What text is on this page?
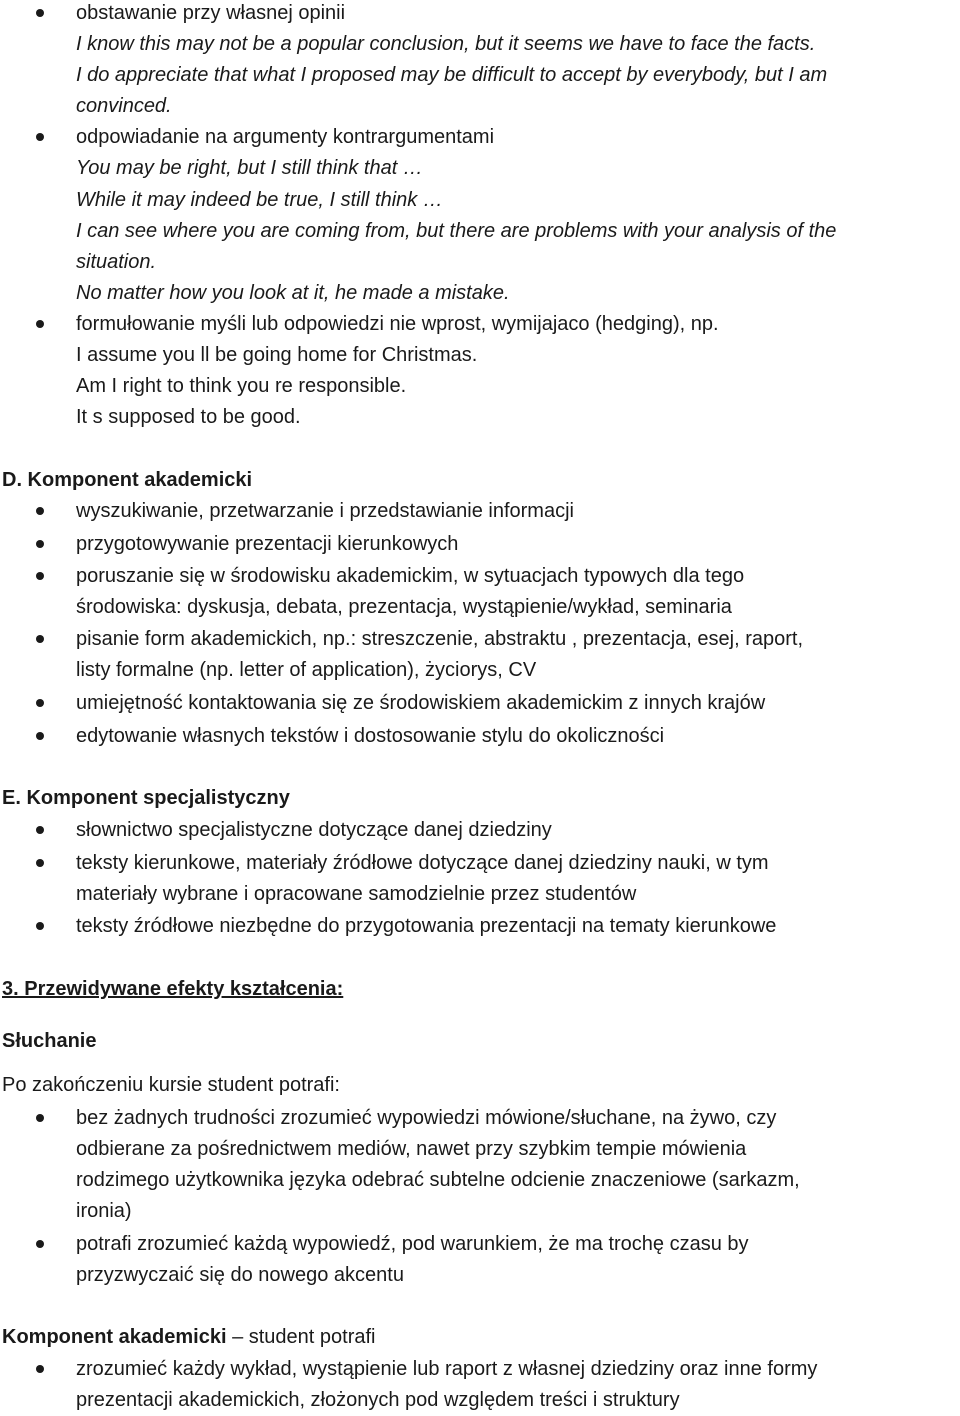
obstawanie przy własnej opinii
I know this may not be a popular conclusion, but it seems we have to face the facts.
I do appreciate that what I proposed may be difficult to accept by everybody, but I am
convinced.
odpowiadanie na argumenty kontrargumentami
You may be right, but I still think that …
While it may indeed be true, I still think …
I can see where you are coming from, but there are problems with your analysis of the
situation.
No matter how you look at it, he made a mistake.
formułowanie myśli lub odpowiedzi nie wprost, wymijajaco (hedging), np.
I assume you ll be going home for Christmas.
Am I right to think you re responsible.
It s supposed to be good.
D. Komponent akademicki
wyszukiwanie, przetwarzanie i przedstawianie informacji
przygotowywanie prezentacji kierunkowych
poruszanie się w środowisku akademickim, w sytuacjach typowych dla tego
środowiska: dyskusja, debata, prezentacja, wystąpienie/wykład, seminaria
pisanie form akademickich, np.: streszczenie, abstraktu , prezentacja, esej, raport,
listy formalne (np. letter of application), życiorys, CV
umiejętność kontaktowania się ze środowiskiem akademickim z innych krajów
edytowanie własnych tekstów i dostosowanie stylu do okoliczności
E. Komponent specjalistyczny
słownictwo specjalistyczne dotyczące danej dziedziny
teksty kierunkowe, materiały źródłowe dotyczące danej dziedziny nauki, w tym
materiały wybrane i opracowane samodzielnie przez studentów
teksty źródłowe niezbędne do przygotowania prezentacji na tematy kierunkowe
3. Przewidywane efekty kształcenia:
Słuchanie
Po zakończeniu kursie student potrafi:
bez żadnych trudności zrozumieć wypowiedzi mówione/słuchane, na żywo, czy
odbierane za pośrednictwem mediów, nawet przy szybkim tempie mówienia
rodzimego użytkownika języka odebrać subtelne odcienie znaczeniowe (sarkazm,
ironia)
potrafi zrozumieć każdą wypowiedź, pod warunkiem, że ma trochę czasu by
przyzwyczaić się do nowego akcentu
Komponent akademicki – student potrafi
zrozumieć każdy wykład, wystąpienie lub raport z własnej dziedziny oraz inne formy
prezentacji akademickich, złożonych pod względem treści i struktury
